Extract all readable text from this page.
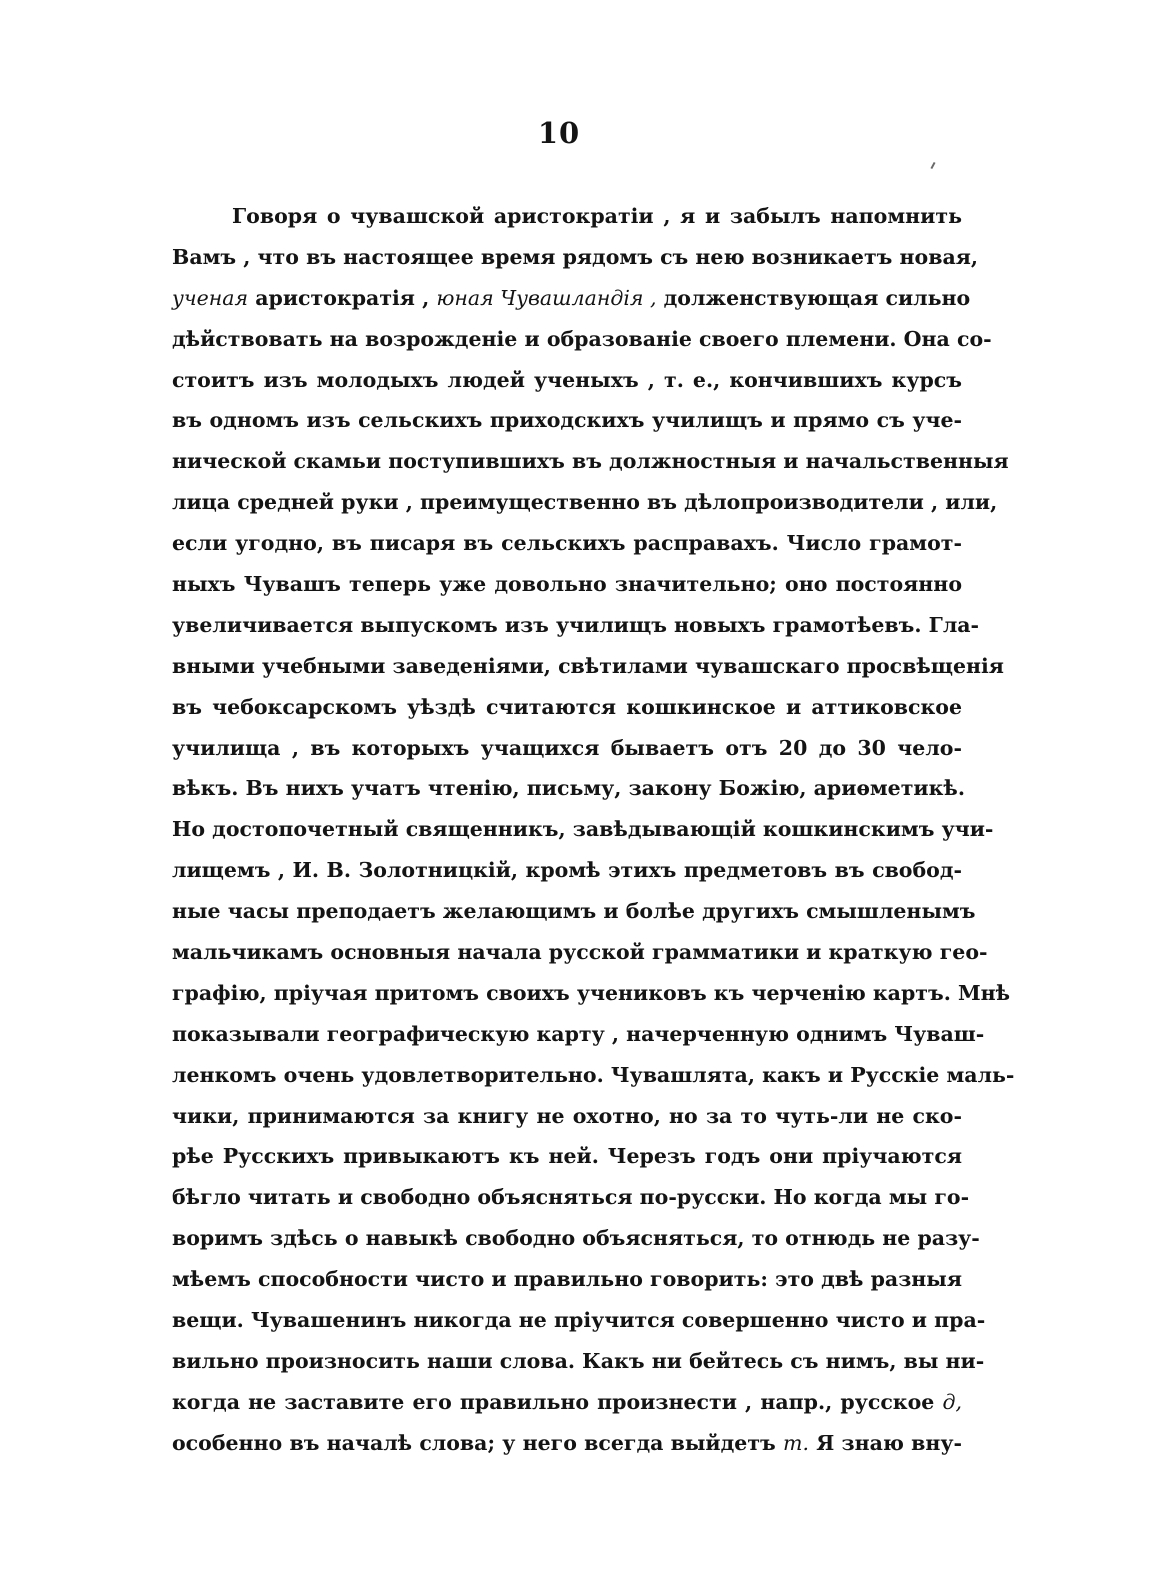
10
Говоря о чувашской аристократіи , я и забылъ напомнить
Вамъ , что въ настоящее время рядомъ съ нею возникаетъ новая,
ученая аристократія , юная Чувашландія , долженствующая сильно
дѣйствовать на возрожденіе и образованіе своего племени. Она со-
стоитъ изъ молодыхъ людей ученыхъ , т. е., кончившихъ курсъ
въ одномъ изъ сельскихъ приходскихъ училищъ и прямо съ уче-
нической скамьи поступившихъ въ должностныя и начальственныя
лица средней руки , преимущественно въ дѣлопроизводители , или,
если угодно, въ писаря въ сельскихъ расправахъ. Число грамот-
ныхъ Чувашъ теперь уже довольно значительно; оно постоянно
увеличивается выпускомъ изъ училищъ новыхъ грамотѣевъ. Гла-
вными учебными заведеніями, свѣтилами чувашскаго просвѣщенія
въ чебоксарскомъ уѣздѣ считаются кошкинское и аттиковское
училища , въ которыхъ учащихся бываетъ отъ 20 до 30 чело-
вѣкъ. Въ нихъ учатъ чтенію, письму, закону Божію, ариѳметикѣ.
Но достопочетный священникъ, завѣдывающій кошкинскимъ учи-
лищемъ , И. В. Золотницкій, кромѣ этихъ предметовъ въ свобод-
ные часы преподаетъ желающимъ и болѣе другихъ смышленымъ
мальчикамъ основныя начала русской грамматики и краткую гео-
графію, пріучая притомъ своихъ учениковъ къ черченію картъ. Мнѣ
показывали географическую карту , начерченную однимъ Чуваш-
ленкомъ очень удовлетворительно. Чувашлята, какъ и Русскіе маль-
чики, принимаются за книгу не охотно, но за то чуть-ли не ско-
рѣе Русскихъ привыкаютъ къ ней. Черезъ годъ они пріучаются
бѣгло читать и свободно объясняться по-русски. Но когда мы го-
воримъ здѣсь о навыкѣ свободно объясняться, то отнюдь не разу-
мѣемъ способности чисто и правильно говорить: это двѣ разныя
вещи. Чувашенинъ никогда не пріучится совершенно чисто и пра-
вильно произносить наши слова. Какъ ни бейтесь съ нимъ, вы ни-
когда не заставите его правильно произнести , напр., русское д,
особенно въ началѣ слова; у него всегда выйдетъ т. Я знаю вну-
